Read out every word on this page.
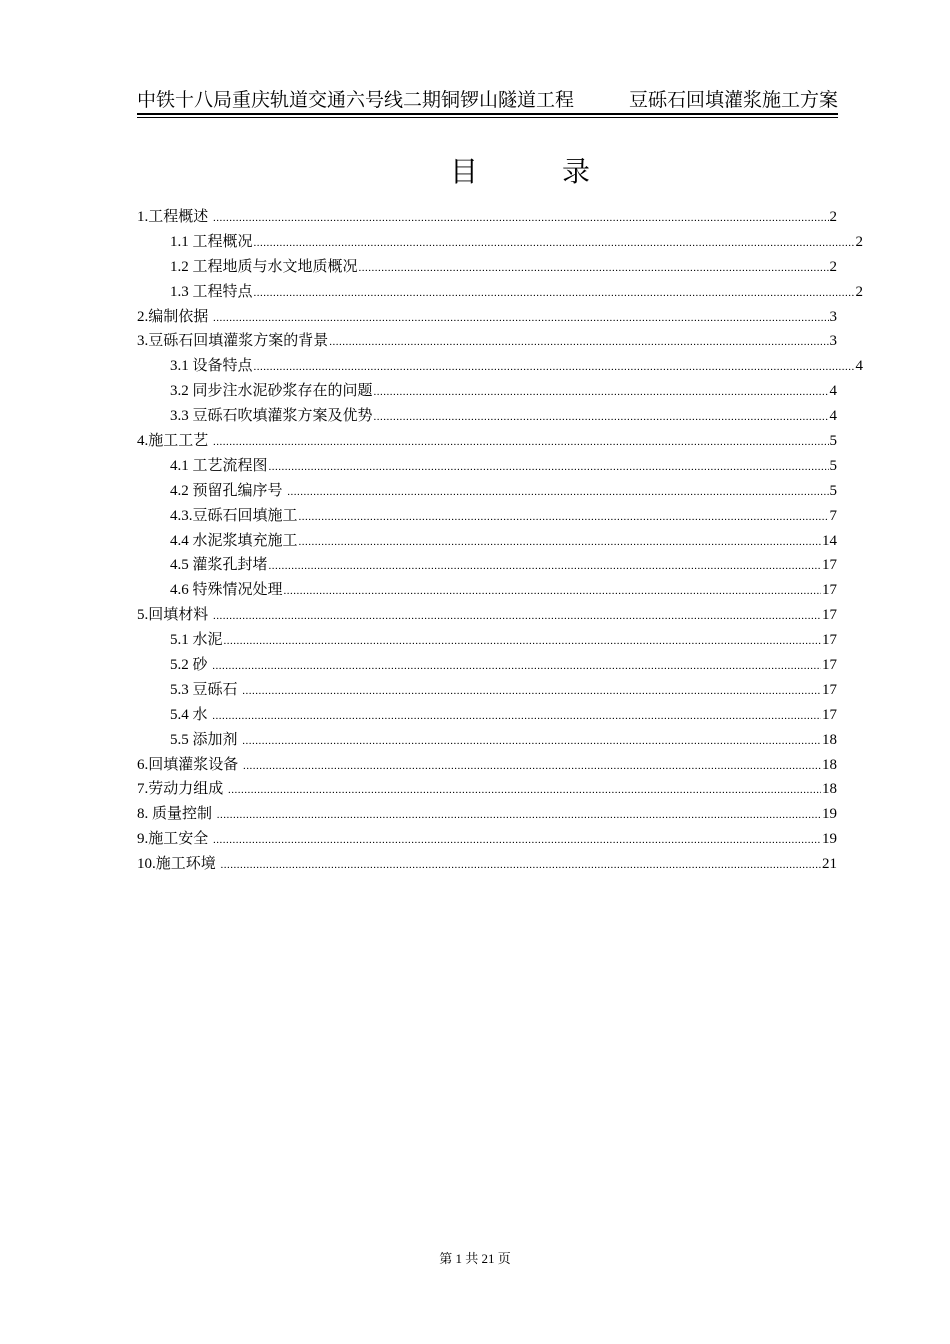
中铁十八局重庆轨道交通六号线二期铜锣山隧道工程	豆砾石回填灌浆施工方案
目	录
1.工程概述 .....	2
1.1 工程概况 .....	2
1.2 工程地质与水文地质概况 .....	2
1.3 工程特点 .....	2
2.编制依据 .....	3
3.豆砾石回填灌浆方案的背景 .....	3
3.1 设备特点 .....	4
3.2 同步注水泥砂浆存在的问题 .....	4
3.3 豆砾石吹填灌浆方案及优势 .....	4
4.施工工艺 .....	5
4.1 工艺流程图 .....	5
4.2 预留孔编序号 .....	5
4.3.豆砾石回填施工 .....	7
4.4 水泥浆填充施工 .....	14
4.5 灌浆孔封堵 .....	17
4.6 特殊情况处理 .....	17
5.回填材料 .....	17
5.1 水泥 .....	17
5.2 砂 .....	17
5.3 豆砾石 .....	17
5.4 水 .....	17
5.5 添加剂 .....	18
6.回填灌浆设备 .....	18
7.劳动力组成 .....	18
8. 质量控制 .....	19
9.施工安全 .....	19
10.施工环境 .....	21
第 1 共 21 页
